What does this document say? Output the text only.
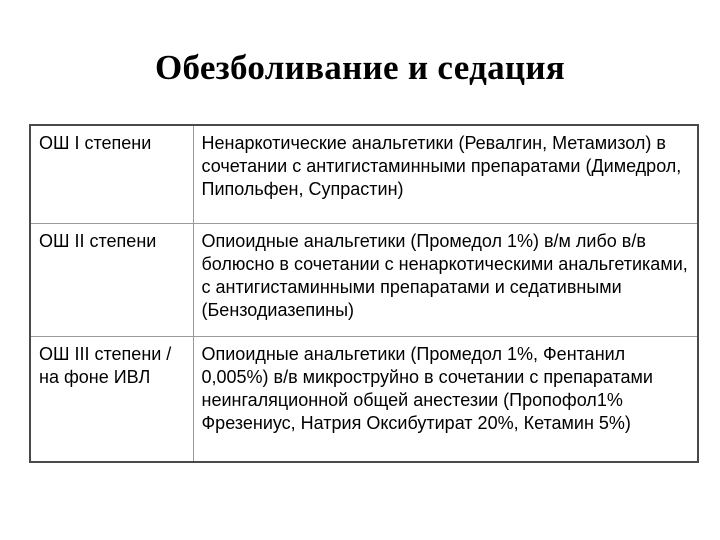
Обезболивание и седация
ОШ I степени	Ненаркотические анальгетики (Ревалгин, Метамизол) в сочетании с антигистаминными препаратами (Димедрол, Пипольфен, Супрастин)

ОШ II степени	Опиоидные анальгетики (Промедол 1%) в/м либо в/в болюсно в сочетании с ненаркотическими анальгетиками, с антигистаминными препаратами и седативными (Бензодиазепины)

ОШ III степени / на фоне ИВЛ	Опиоидные анальгетики (Промедол 1%, Фентанил 0,005%) в/в микроструйно в сочетании с препаратами неингаляционной общей анестезии (Пропофол1% Фрезениус, Натрия Оксибутират 20%, Кетамин 5%)
